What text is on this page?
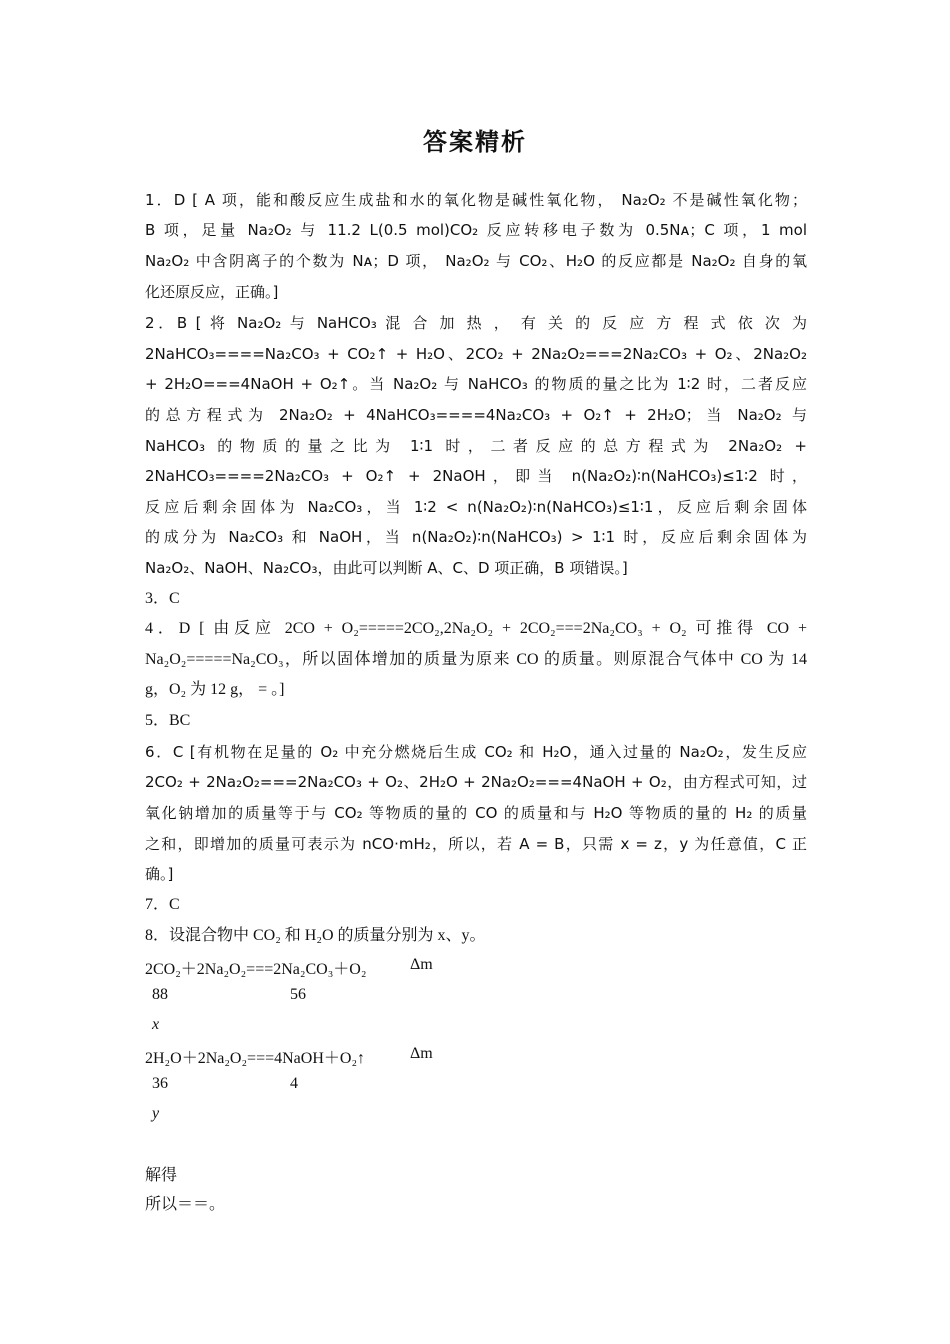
答案精析
1．D [ A 项，能和酸反应生成盐和水的氧化物是碱性氧化物， Na₂O₂ 不是碱性氧化物；
B 项，足量 Na₂O₂ 与 11.2 L(0.5 mol)CO₂ 反应转移电子数为 0.5Nᴀ；C 项，1 mol
Na₂O₂ 中含阴离子的个数为 Nᴀ；D 项， Na₂O₂ 与 CO₂、H₂O 的反应都是 Na₂O₂ 自身的氧
化还原反应，正确。]
2．B [ 将 Na₂O₂ 与 NaHCO₃ 混 合 加 热 ， 有 关 的 反 应 方 程 式 依 次 为
2NaHCO₃====Na₂CO₃ + CO₂↑ + H₂O、2CO₂ + 2Na₂O₂===2Na₂CO₃ + O₂、2Na₂O₂
+ 2H₂O===4NaOH + O₂↑。当 Na₂O₂ 与 NaHCO₃ 的物质的量之比为 1∶2 时，二者反应
的总方程式为 2Na₂O₂ + 4NaHCO₃====4Na₂CO₃ + O₂↑ + 2H₂O；当 Na₂O₂ 与
NaHCO₃ 的物质的量之比为 1∶1 时，二者反应的总方程式为 2Na₂O₂ +
2NaHCO₃====2Na₂CO₃ + O₂↑ + 2NaOH，即当 n(Na₂O₂)∶n(NaHCO₃)≤1∶2 时，
反应后剩余固体为 Na₂CO₃，当 1∶2 < n(Na₂O₂)∶n(NaHCO₃)≤1∶1，反应后剩余固体
的成分为 Na₂CO₃ 和 NaOH，当 n(Na₂O₂)∶n(NaHCO₃) > 1∶1 时，反应后剩余固体为
Na₂O₂、NaOH、Na₂CO₃，由此可以判断 A、C、D 项正确，B 项错误。]
3．C
4．D [ 由反应 2CO + O₂=====2CO₂,2Na₂O₂ + 2CO₂===2Na₂CO₃ + O₂ 可推得 CO +
Na₂O₂=====Na₂CO₃，所以固体增加的质量为原来 CO 的质量。则原混合气体中 CO 为 14
g，O₂ 为 12 g， = 。]
5．BC
6．C [有机物在足量的 O₂ 中充分燃烧后生成 CO₂ 和 H₂O，通入过量的 Na₂O₂，发生反应
2CO₂ + 2Na₂O₂===2Na₂CO₃ + O₂、2H₂O + 2Na₂O₂===4NaOH + O₂，由方程式可知，过
氧化钠增加的质量等于与 CO₂ 等物质的量的 CO 的质量和与 H₂O 等物质的量的 H₂ 的质量
之和，即增加的质量可表示为 nCO·mH₂，所以，若 A = B，只需 x = z，y 为任意值，C 正
确。]
7．C
8．设混合物中 CO₂ 和 H₂O 的质量分别为 x、y。
2CO₂＋2Na₂O₂===2Na₂CO₃＋O₂	Δm
88	56
x
2H₂O＋2Na₂O₂===4NaOH＋O₂↑	Δm
36	4
y
解得
所以＝＝。
